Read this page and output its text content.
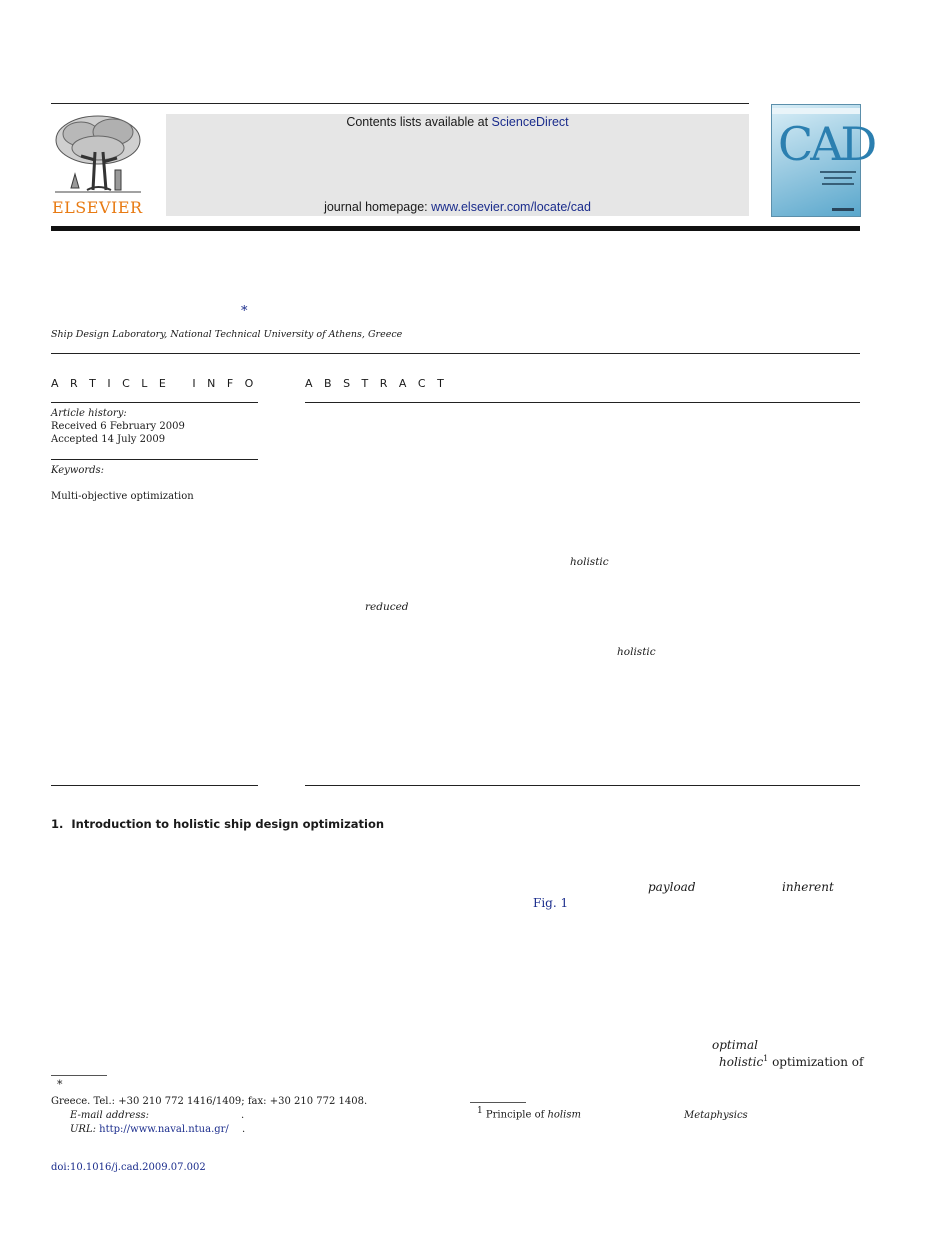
ELSEVIER
Contents lists available at ScienceDirect
journal homepage: www.elsevier.com/locate/cad
CAD
*
Ship Design Laboratory, National Technical University of Athens, Greece
A R T I C L E   I N F O
Article history:
Received 6 February 2009
Accepted 14 July 2009
Keywords:
Multi-objective optimization
A B S T R A C T
holistic
reduced
holistic
1.  Introduction to holistic ship design optimization
payload	inherent
Fig. 1
optimal
holistic$^1$ optimization of
*
Greece. Tel.: +30 210 772 1416/1409; fax: +30 210 772 1408.
E-mail address:	.
URL: http://www.naval.ntua.gr/ .
$^1$ Principle of holism	Metaphysics
doi:10.1016/j.cad.2009.07.002
